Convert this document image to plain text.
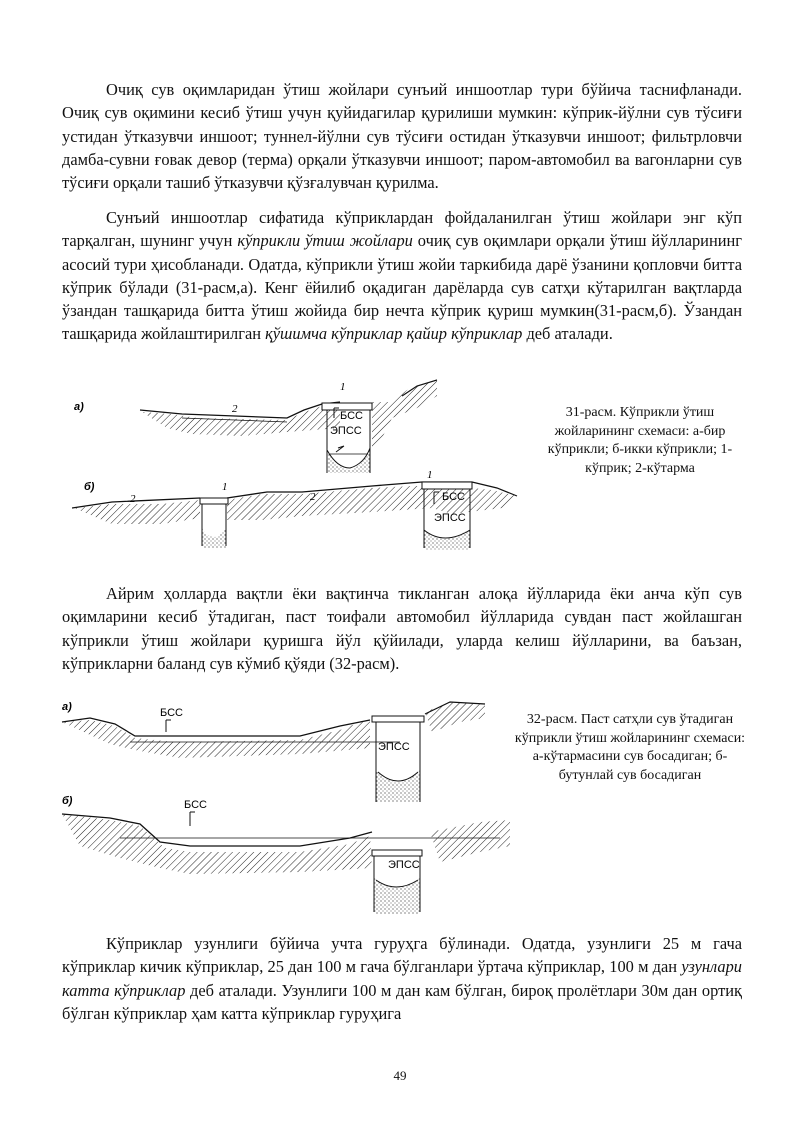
Очиқ сув оқимларидан ўтиш жойлари сунъий иншоотлар тури бўйича таснифланади. Очиқ сув оқимини кесиб ўтиш учун қуйидагилар қурилиши мумкин: кўприк-йўлни сув тўсиғи устидан ўтказувчи иншоот; туннел-йўлни сув тўсиғи остидан ўтказувчи иншоот; фильтрловчи дамба-сувни ғовак девор (терма) орқали ўтказувчи иншоот; паром-автомобил ва вагонларни сув тўсиғи орқали ташиб ўтказувчи қўзғалувчан қурилма.

Сунъий иншоотлар сифатида кўприклардан фойдаланилган ўтиш жойлари энг кўп тарқалган, шунинг учун кўприкли ўтиш жойлари очиқ сув оқимлари орқали ўтиш йўлларининг асосий тури ҳисобланади. Одатда, кўприкли ўтиш жойи таркибида дарё ўзанини қопловчи битта кўприк бўлади (31-расм,а). Кенг ёйилиб оқадиган дарёларда сув сатҳи кўтарилган вақтларда ўзандан ташқарида битта ўтиш жойида бир нечта кўприк қуриш мумкин(31-расм,б). Ўзандан ташқарида жойлаштирилган қўшимча кўприклар қайир кўприклар деб аталади.

Айрим ҳолларда вақтли ёки вақтинча тикланган алоқа йўлларида ёки анча кўп сув оқимларини кесиб ўтадиган, паст тоифали автомобил йўлларида сувдан паст жойлашган кўприкли ўтиш жойлари қуришга йўл қўйилади, уларда келиш йўлларини, ва баъзан, кўприкларни баланд сув кўмиб қўяди (32-расм).

Кўприклар узунлиги бўйича учта гуруҳга бўлинади. Одатда, узунлиги 25 м гача кўприклар кичик кўприклар, 25 дан 100 м гача бўлганлари ўртача кўприклар, 100 м дан узунлари катта кўприклар деб аталади. Узунлиги 100 м дан кам бўлган, бироқ пролётлари 30м дан ортиқ бўлган кўприклар ҳам катта кўприклар гуруҳига

а)
БСС
ЭПСС
2
1
б)
БСС
ЭПСС
2
1
2
1
31-расм. Кўприкли ўтиш жойларининг схемаси: а-бир кўприкли; б-икки кўприкли; 1-кўприк; 2-кўтарма
а)	БСС
ЭПСС
б)	БСС
ЭПСС
32-расм. Паст сатҳли сув ўтадиган кўприкли ўтиш жойларининг схемаси: а-кўтармасини сув босадиган; б-бутунлай сув босадиган
49
